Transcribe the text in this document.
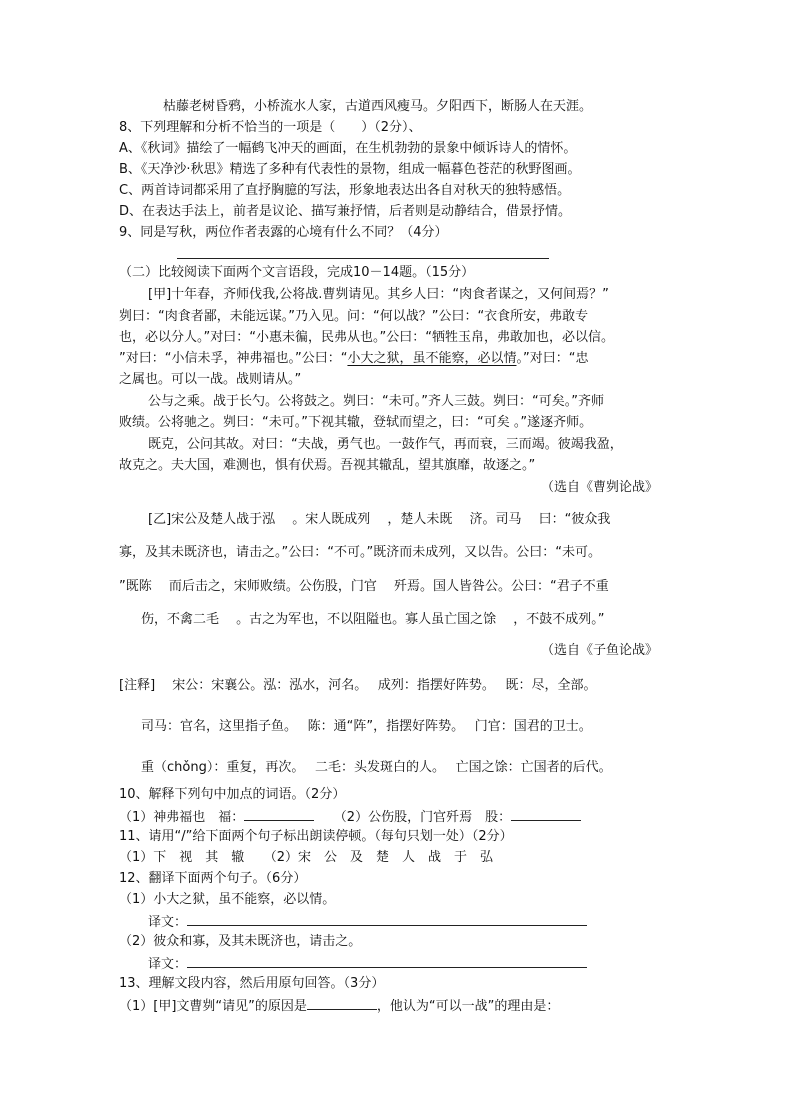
枯藤老树昏鸦，小桥流水人家，古道西风瘦马。夕阳西下，断肠人在天涯。
8、下列理解和分析不恰当的一项是（　　）（2分）、
A、《秋词》描绘了一幅鹤飞冲天的画面，在生机勃勃的景象中倾诉诗人的情怀。
B、《天净沙·秋思》精选了多种有代表性的景物，组成一幅暮色苍茫的秋野图画。
C、两首诗词都采用了直抒胸臆的写法，形象地表达出各自对秋天的独特感悟。
D、在表达手法上，前者是议论、描写兼抒情，后者则是动静结合，借景抒情。
9、同是写秋，两位作者表露的心境有什么不同？（4分）
（二）比较阅读下面两个文言语段，完成10－14题。（15分）
[甲]十年春，齐师伐我,公将战.曹刿请见。其乡人曰：“肉食者谋之，又何间焉？”
刿曰：“肉食者鄙，未能远谋。”乃入见。问：“何以战？”公曰：“衣食所安，弗敢专
也，必以分人。”对曰：“小惠未徧，民弗从也。”公曰：“牺牲玉帛，弗敢加也，必以信。
”对曰：“小信未孚，神弗福也。”公曰：“小大之狱，虽不能察，必以情。”对曰：“忠
之属也。可以一战。战则请从。”
公与之乘。战于长勺。公将鼓之。刿曰：“未可。”齐人三鼓。刿曰：“可矣。”齐师
败绩。公将驰之。刿曰：“未可。”下视其辙，登轼而望之，曰：“可矣 。”遂逐齐师。
既克，公问其故。对曰：“夫战，勇气也。一鼓作气，再而衰，三而竭。彼竭我盈，
故克之。夫大国，难测也，惧有伏焉。吾视其辙乱，望其旗靡，故逐之。”
（选自《曹刿论战》
[乙]宋公及楚人战于泓　 。宋人既成列　 ，楚人未既　 济。司马　 曰：“彼众我
寡，及其未既济也，请击之。”公曰：“不可。”既济而未成列，又以告。公曰：“未可。
”既陈　 而后击之，宋师败绩。公伤股，门官　 歼焉。国人皆咎公。公曰：“君子不重
伤，不禽二毛　 。古之为军也，不以阻隘也。寡人虽亡国之馀　 ，不鼓不成列。”
（选自《子鱼论战》
[注释]　 宋公：宋襄公。泓：泓水，河名。　 成列：指摆好阵势。　 既：尽，全部。
司马：官名，这里指子鱼。　 陈：通“阵”，指摆好阵势。　 门官：国君的卫士。
重（chǒng）：重复，再次。　 二毛：头发斑白的人。　 亡国之馀：亡国者的后代。
10、解释下列句中加点的词语。（2分）
（1）神弗福也　福：　　	（2）公伤股，门官歼焉　股：
11、请用“/”给下面两个句子标出朗读停顿。（每句只划一处）（2分）
（1）下　视　其　辙　　（2）宋　公　及　楚　人　战　于　弘
12、翻译下面两个句子。（6分）
（1）小大之狱，虽不能察，必以情。
译文：
（2）彼众和寡，及其未既济也，请击之。
译文：
13、理解文段内容，然后用原句回答。（3分）
（1）[甲]文曹刿“请见”的原因是	，他认为“可以一战”的理由是：
